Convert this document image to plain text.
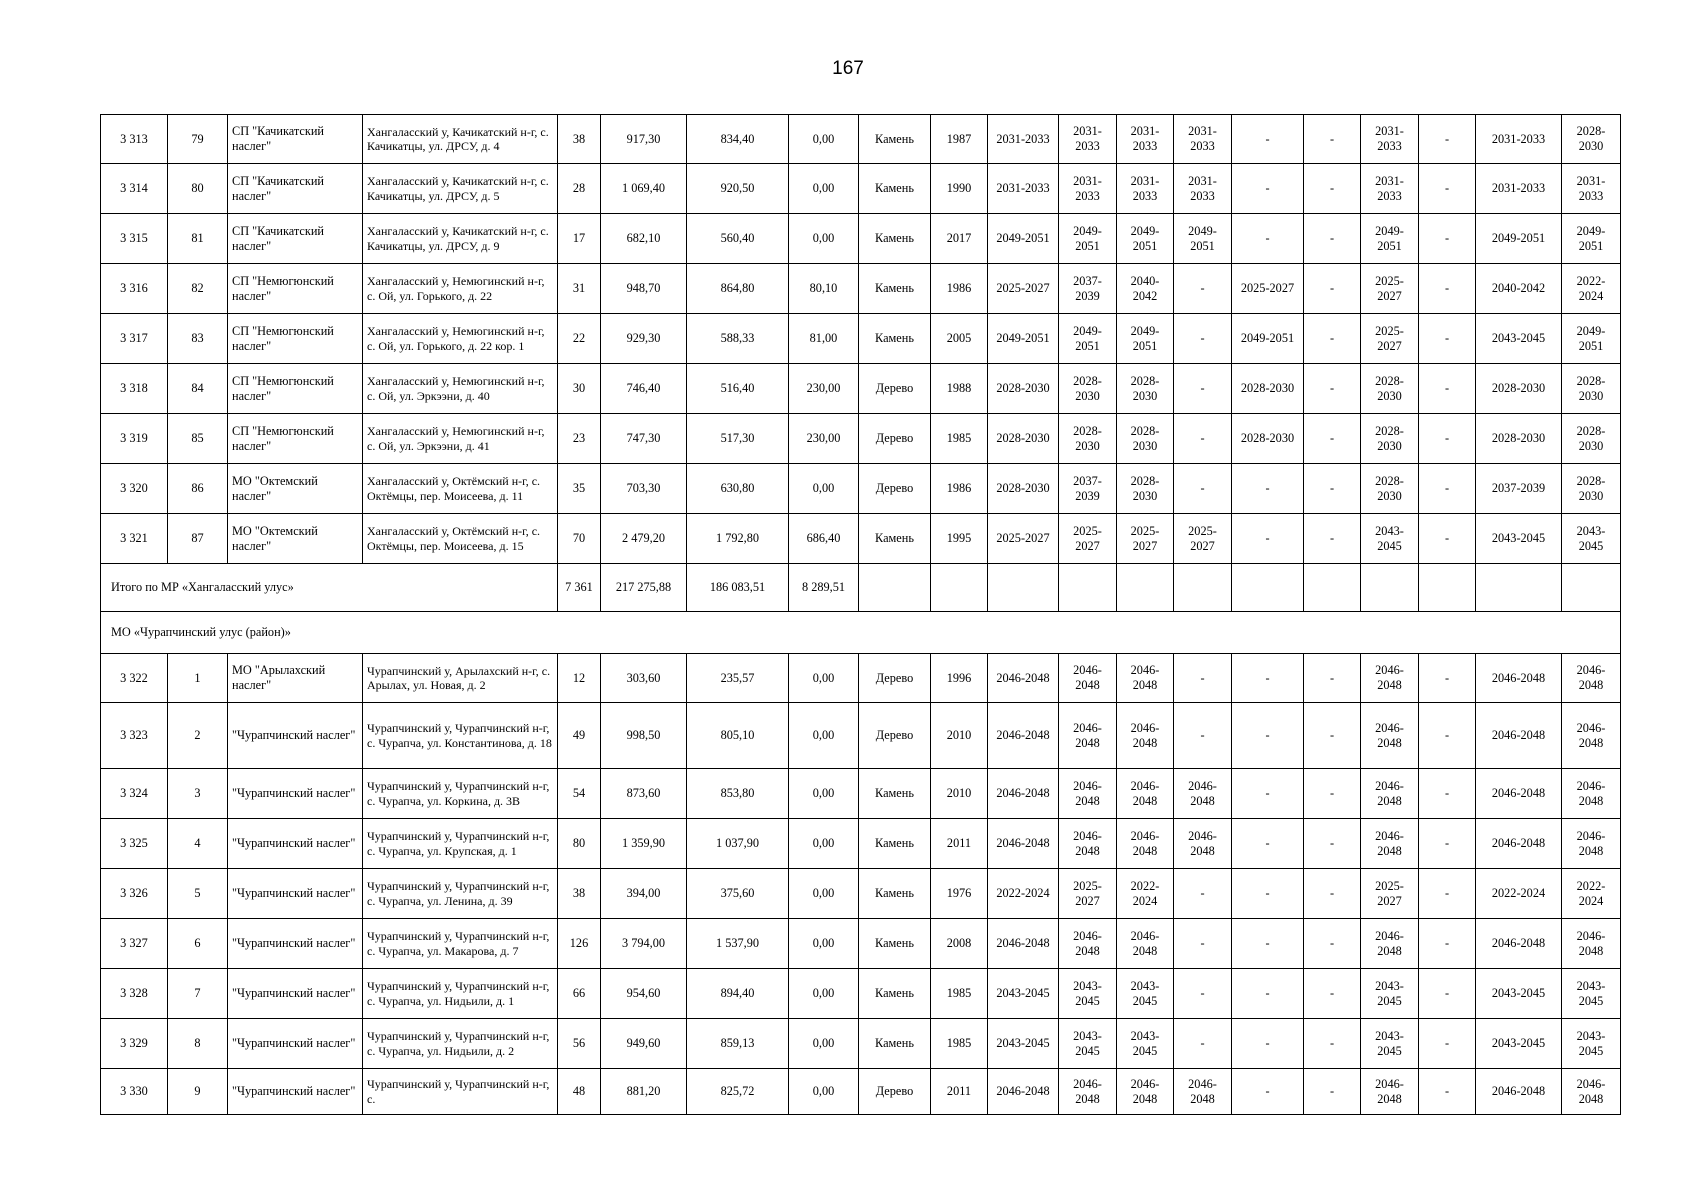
167
3 313	79	СП "Качикатский наслег"	Хангаласский у, Качикатский н-г, с. Качикатцы, ул. ДРСУ, д. 4	38	917,30	834,40	0,00	Камень	1987	2031-2033	2031-2033	2031-2033	2031-2033	-	-	2031-2033	-	2031-2033	2028-2030
3 314	80	СП "Качикатский наслег"	Хангаласский у, Качикатский н-г, с. Качикатцы, ул. ДРСУ, д. 5	28	1 069,40	920,50	0,00	Камень	1990	2031-2033	2031-2033	2031-2033	2031-2033	-	-	2031-2033	-	2031-2033	2031-2033
3 315	81	СП "Качикатский наслег"	Хангаласский у, Качикатский н-г, с. Качикатцы, ул. ДРСУ, д. 9	17	682,10	560,40	0,00	Камень	2017	2049-2051	2049-2051	2049-2051	2049-2051	-	-	2049-2051	-	2049-2051	2049-2051
3 316	82	СП "Немюгюнский наслег"	Хангаласский у, Немюгинский н-г, с. Ой, ул. Горького, д. 22	31	948,70	864,80	80,10	Камень	1986	2025-2027	2037-2039	2040-2042	-	2025-2027	-	2025-2027	-	2040-2042	2022-2024
3 317	83	СП "Немюгюнский наслег"	Хангаласский у, Немюгинский н-г, с. Ой, ул. Горького, д. 22 кор. 1	22	929,30	588,33	81,00	Камень	2005	2049-2051	2049-2051	2049-2051	-	2049-2051	-	2025-2027	-	2043-2045	2049-2051
3 318	84	СП "Немюгюнский наслег"	Хангаласский у, Немюгинский н-г, с. Ой, ул. Эркээни, д. 40	30	746,40	516,40	230,00	Дерево	1988	2028-2030	2028-2030	2028-2030	-	2028-2030	-	2028-2030	-	2028-2030	2028-2030
3 319	85	СП "Немюгюнский наслег"	Хангаласский у, Немюгинский н-г, с. Ой, ул. Эркээни, д. 41	23	747,30	517,30	230,00	Дерево	1985	2028-2030	2028-2030	2028-2030	-	2028-2030	-	2028-2030	-	2028-2030	2028-2030
3 320	86	МО "Октемский наслег"	Хангаласский у, Октёмский н-г, с. Октёмцы, пер. Моисеева, д. 11	35	703,30	630,80	0,00	Дерево	1986	2028-2030	2037-2039	2028-2030	-	-	-	2028-2030	-	2037-2039	2028-2030
3 321	87	МО "Октемский наслег"	Хангаласский у, Октёмский н-г, с. Октёмцы, пер. Моисеева, д. 15	70	2 479,20	1 792,80	686,40	Камень	1995	2025-2027	2025-2027	2025-2027	2025-2027	-	-	2043-2045	-	2043-2045	2043-2045
Итого по МР «Хангаласский улус»				7 361	217 275,88	186 083,51	8 289,51												
МО «Чурапчинский улус (район)»																			
3 322	1	МО "Арылахский наслег"	Чурапчинский у, Арылахский н-г, с. Арылах, ул. Новая, д. 2	12	303,60	235,57	0,00	Дерево	1996	2046-2048	2046-2048	2046-2048	-	-	-	2046-2048	-	2046-2048	2046-2048
3 323	2	"Чурапчинский наслег"	Чурапчинский у, Чурапчинский н-г, с. Чурапча, ул. Константинова, д. 18	49	998,50	805,10	0,00	Дерево	2010	2046-2048	2046-2048	2046-2048	-	-	-	2046-2048	-	2046-2048	2046-2048
3 324	3	"Чурапчинский наслег"	Чурапчинский у, Чурапчинский н-г, с. Чурапча, ул. Коркина, д. 3В	54	873,60	853,80	0,00	Камень	2010	2046-2048	2046-2048	2046-2048	2046-2048	-	-	2046-2048	-	2046-2048	2046-2048
3 325	4	"Чурапчинский наслег"	Чурапчинский у, Чурапчинский н-г, с. Чурапча, ул. Крупская, д. 1	80	1 359,90	1 037,90	0,00	Камень	2011	2046-2048	2046-2048	2046-2048	2046-2048	-	-	2046-2048	-	2046-2048	2046-2048
3 326	5	"Чурапчинский наслег"	Чурапчинский у, Чурапчинский н-г, с. Чурапча, ул. Ленина, д. 39	38	394,00	375,60	0,00	Камень	1976	2022-2024	2025-2027	2022-2024	-	-	-	2025-2027	-	2022-2024	2022-2024
3 327	6	"Чурапчинский наслег"	Чурапчинский у, Чурапчинский н-г, с. Чурапча, ул. Макарова, д. 7	126	3 794,00	1 537,90	0,00	Камень	2008	2046-2048	2046-2048	2046-2048	-	-	-	2046-2048	-	2046-2048	2046-2048
3 328	7	"Чурапчинский наслег"	Чурапчинский у, Чурапчинский н-г, с. Чурапча, ул. Нидьили, д. 1	66	954,60	894,40	0,00	Камень	1985	2043-2045	2043-2045	2043-2045	-	-	-	2043-2045	-	2043-2045	2043-2045
3 329	8	"Чурапчинский наслег"	Чурапчинский у, Чурапчинский н-г, с. Чурапча, ул. Нидьили, д. 2	56	949,60	859,13	0,00	Камень	1985	2043-2045	2043-2045	2043-2045	-	-	-	2043-2045	-	2043-2045	2043-2045
3 330	9	"Чурапчинский наслег"	Чурапчинский у, Чурапчинский н-г, с.	48	881,20	825,72	0,00	Дерево	2011	2046-2048	2046-2048	2046-2048	2046-2048	-	-	2046-2048	-	2046-2048	2046-2048
